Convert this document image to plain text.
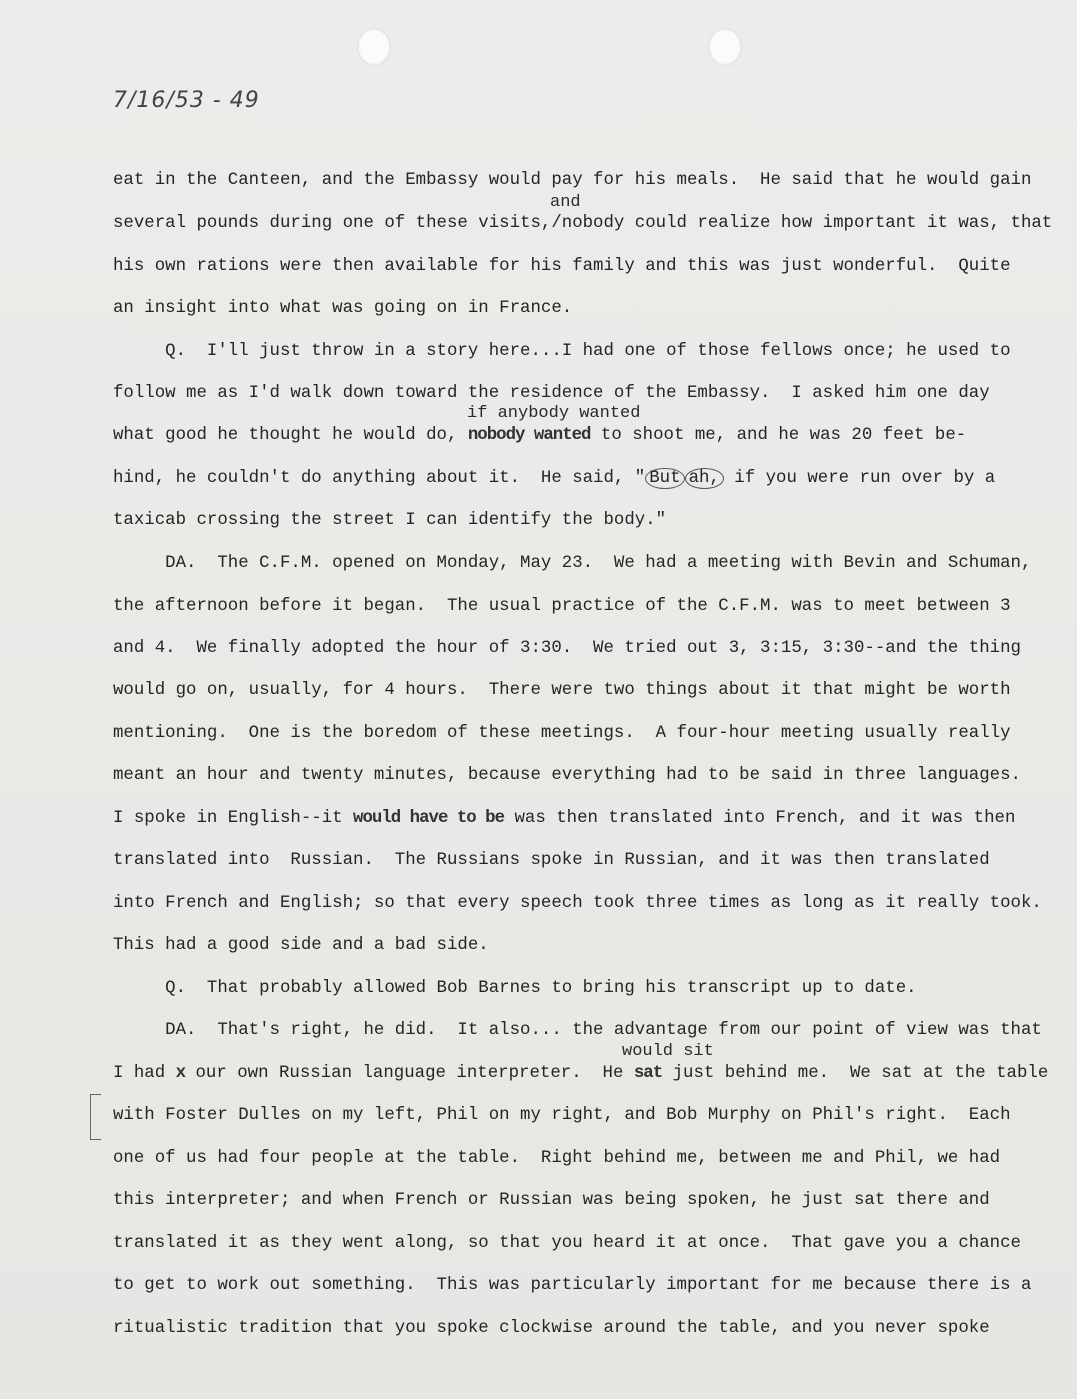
7/16/53 - 49
eat in the Canteen, and the Embassy would pay for his meals.  He said that he would gain
and
several pounds during one of these visits,/nobody could realize how important it was, that
his own rations were then available for his family and this was just wonderful.  Quite
an insight into what was going on in France.
Q.  I'll just throw in a story here...I had one of those fellows once; he used to
follow me as I'd walk down toward the residence of the Embassy.  I asked him one day
if anybody wanted
what good he thought he would do, nobody wanted to shoot me, and he was 20 feet be-
hind, he couldn't do anything about it.  He said, " But ah, if you were run over by a
taxicab crossing the street I can identify the body."
DA.  The C.F.M. opened on Monday, May 23.  We had a meeting with Bevin and Schuman,
the afternoon before it began.  The usual practice of the C.F.M. was to meet between 3
and 4.  We finally adopted the hour of 3:30.  We tried out 3, 3:15, 3:30--and the thing
would go on, usually, for 4 hours.  There were two things about it that might be worth
mentioning.  One is the boredom of these meetings.  A four-hour meeting usually really
meant an hour and twenty minutes, because everything had to be said in three languages.
I spoke in English--it would have to be was then translated into French, and it was then
translated into  Russian.  The Russians spoke in Russian, and it was then translated
into French and English; so that every speech took three times as long as it really took.
This had a good side and a bad side.
Q.  That probably allowed Bob Barnes to bring his transcript up to date.
DA.  That's right, he did.  It also... the advantage from our point of view was that
would sit
I had x our own Russian language interpreter.  He sat just behind me.  We sat at the table
with Foster Dulles on my left, Phil on my right, and Bob Murphy on Phil's right.  Each
one of us had four people at the table.  Right behind me, between me and Phil, we had
this interpreter; and when French or Russian was being spoken, he just sat there and
translated it as they went along, so that you heard it at once.  That gave you a chance
to get to work out something.  This was particularly important for me because there is a
ritualistic tradition that you spoke clockwise around the table, and you never spoke
